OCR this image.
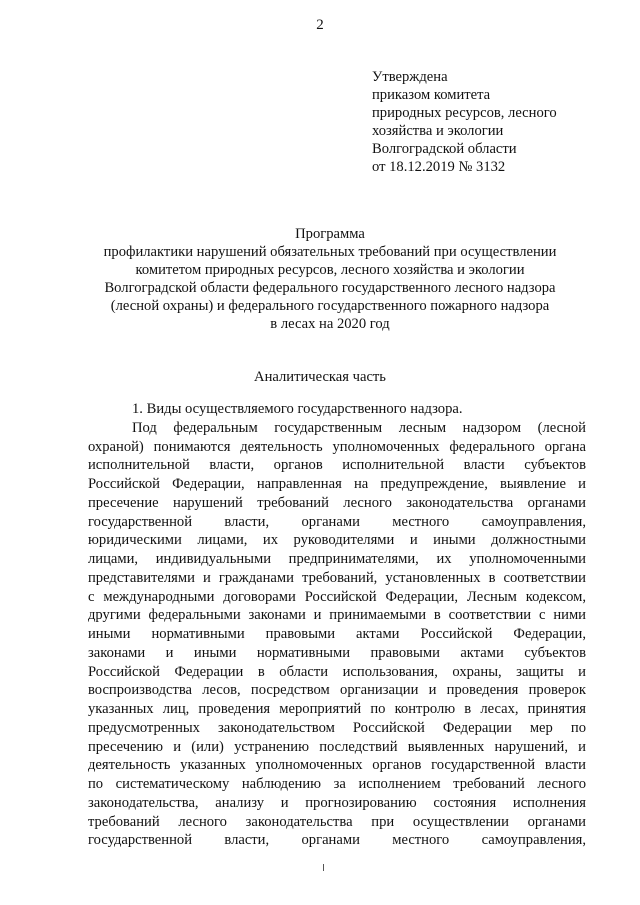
2
Утверждена
приказом комитета
природных ресурсов, лесного
хозяйства и экологии
Волгоградской области
от 18.12.2019 № 3132
Программа
профилактики нарушений обязательных требований при осуществлении
комитетом природных ресурсов, лесного хозяйства и экологии
Волгоградской области федерального государственного лесного надзора
(лесной охраны) и федерального государственного пожарного надзора
в лесах на 2020 год
Аналитическая часть
1. Виды осуществляемого государственного надзора.
Под федеральным государственным лесным надзором (лесной
охраной) понимаются деятельность уполномоченных федерального органа
исполнительной власти, органов исполнительной власти субъектов
Российской Федерации, направленная на предупреждение, выявление и
пресечение нарушений требований лесного законодательства органами
государственной власти, органами местного самоуправления,
юридическими лицами, их руководителями и иными должностными
лицами, индивидуальными предпринимателями, их уполномоченными
представителями и гражданами требований, установленных в соответствии
с международными договорами Российской Федерации, Лесным кодексом,
другими федеральными законами и принимаемыми в соответствии с ними
иными нормативными правовыми актами Российской Федерации,
законами и иными нормативными правовыми актами субъектов
Российской Федерации в области использования, охраны, защиты и
воспроизводства лесов, посредством организации и проведения проверок
указанных лиц, проведения мероприятий по контролю в лесах, принятия
предусмотренных законодательством Российской Федерации мер по
пресечению и (или) устранению последствий выявленных нарушений, и
деятельность указанных уполномоченных органов государственной власти
по систематическому наблюдению за исполнением требований лесного
законодательства, анализу и прогнозированию состояния исполнения
требований лесного законодательства при осуществлении органами
государственной власти, органами местного самоуправления,
